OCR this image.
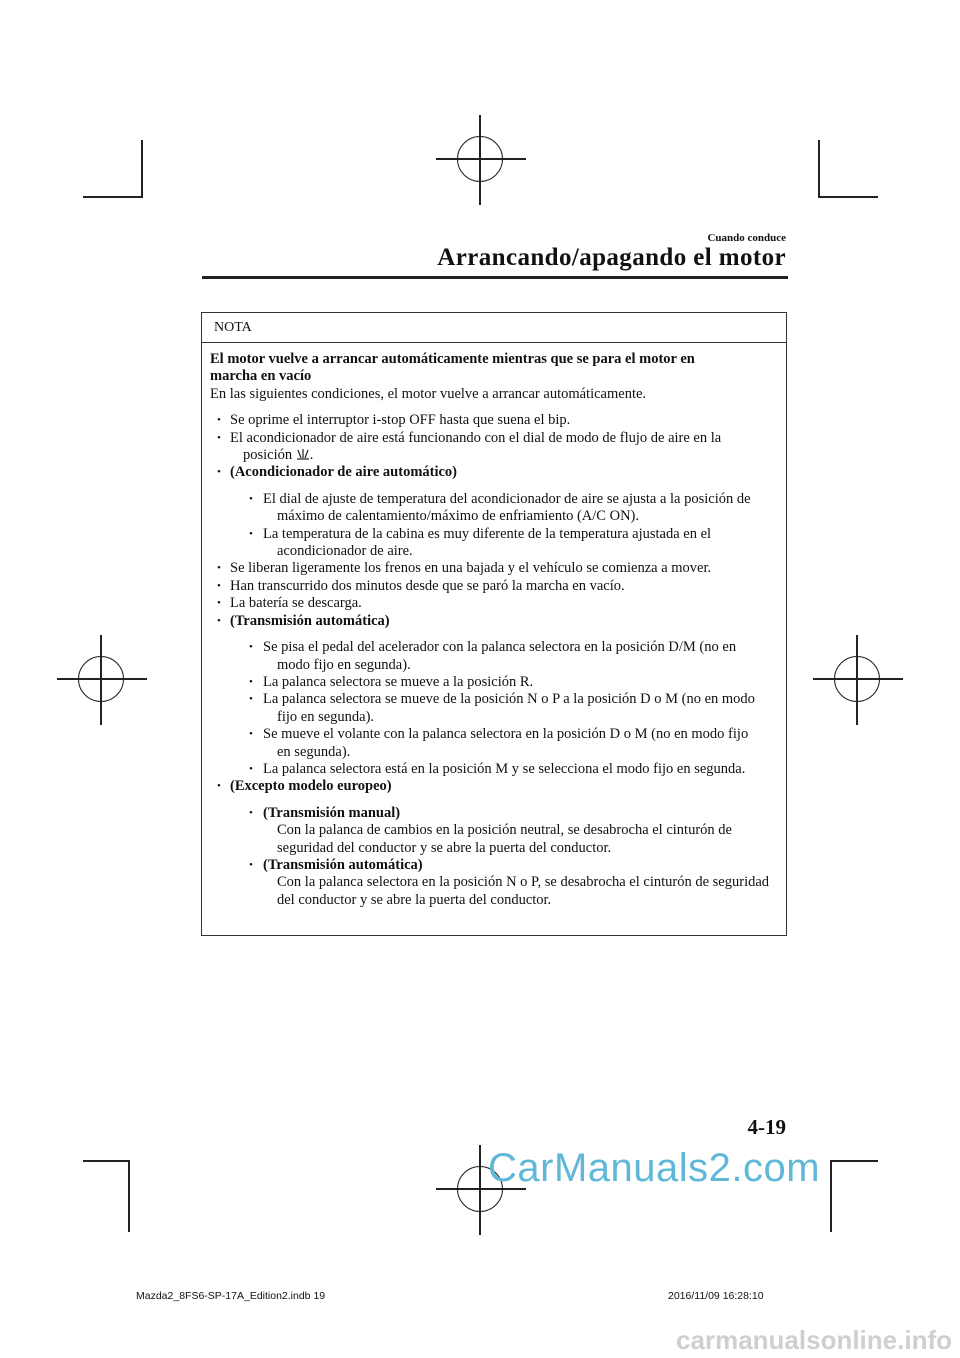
Cuando conduce
Arrancando/apagando el motor
NOTA

El motor vuelve a arrancar automáticamente mientras que se para el motor en
marcha en vacío

En las siguientes condiciones, el motor vuelve a arrancar automáticamente.

• Se oprime el interruptor i-stop OFF hasta que suena el bip.
• El acondicionador de aire está funcionando con el dial de modo de flujo de aire en la
posición .
• (Acondicionador de aire automático)
• El dial de ajuste de temperatura del acondicionador de aire se ajusta a la posición de
máximo de calentamiento/máximo de enfriamiento (A/C ON).
• La temperatura de la cabina es muy diferente de la temperatura ajustada en el
acondicionador de aire.
• Se liberan ligeramente los frenos en una bajada y el vehículo se comienza a mover.
• Han transcurrido dos minutos desde que se paró la marcha en vacío.
• La batería se descarga.
• (Transmisión automática)
• Se pisa el pedal del acelerador con la palanca selectora en la posición D/M (no en
modo fijo en segunda).
• La palanca selectora se mueve a la posición R.
• La palanca selectora se mueve de la posición N o P a la posición D o M (no en modo
fijo en segunda).
• Se mueve el volante con la palanca selectora en la posición D o M (no en modo fijo
en segunda).
• La palanca selectora está en la posición M y se selecciona el modo fijo en segunda.
• (Excepto modelo europeo)
• (Transmisión manual)
Con la palanca de cambios en la posición neutral, se desabrocha el cinturón de
seguridad del conductor y se abre la puerta del conductor.
• (Transmisión automática)
Con la palanca selectora en la posición N o P, se desabrocha el cinturón de seguridad
del conductor y se abre la puerta del conductor.
4-19
CarManuals2.com
Mazda2_8FS6-SP-17A_Edition2.indb 19	2016/11/09 16:28:10
carmanualsonline.info
